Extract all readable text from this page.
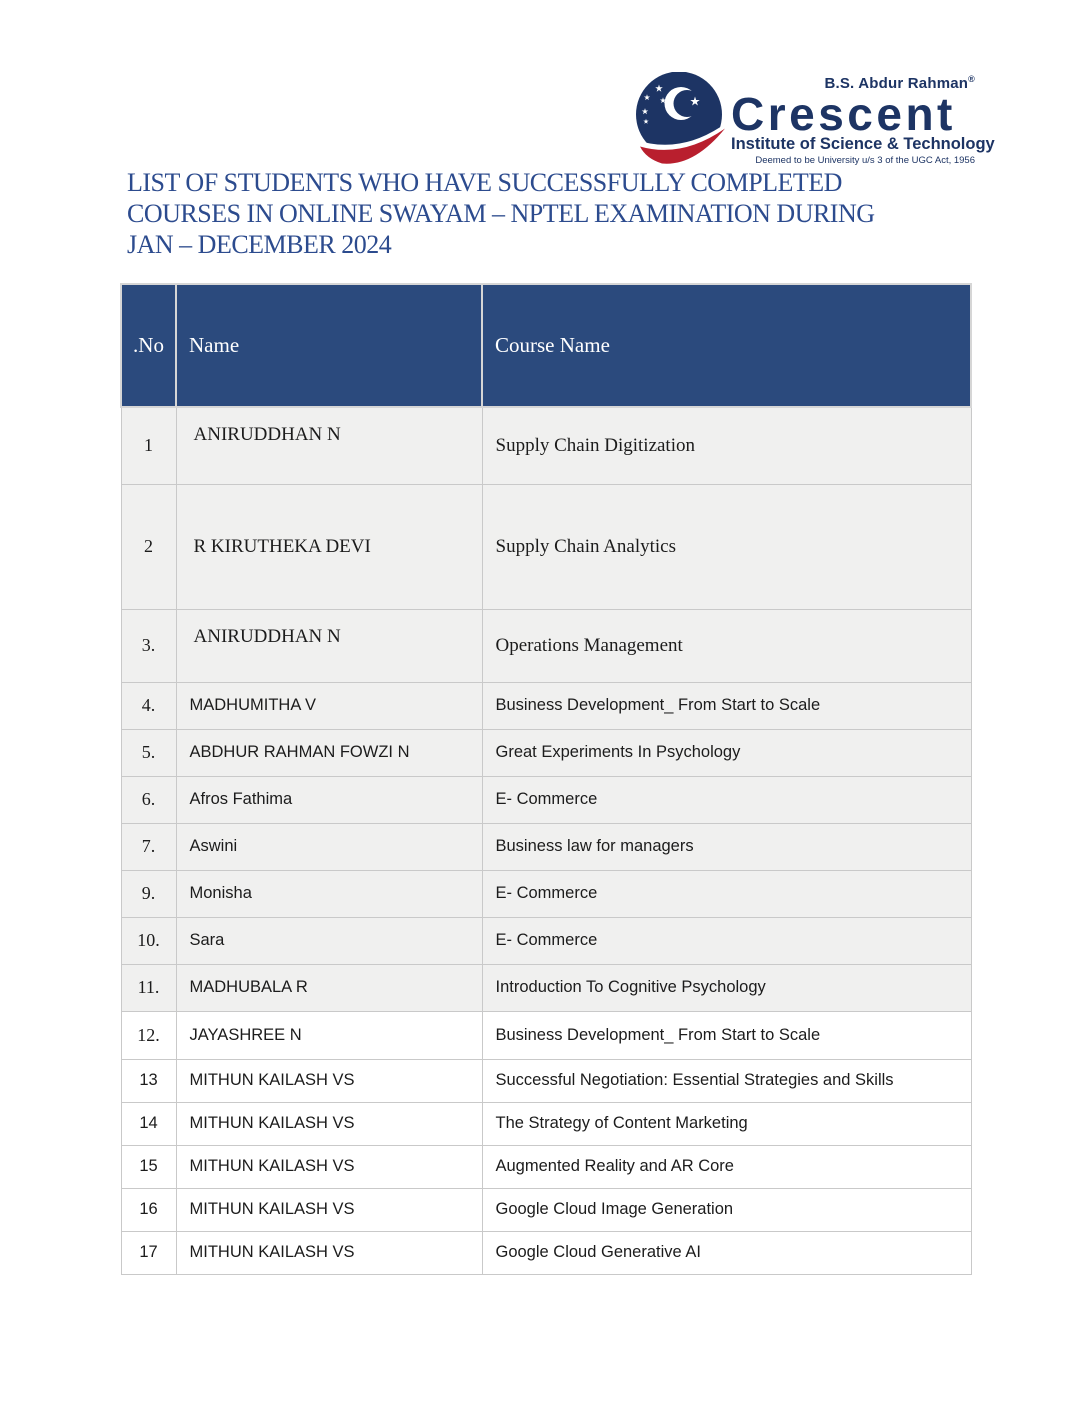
B.S. Abdur Rahman®
Crescent
Institute of Science & Technology
Deemed to be University u/s 3 of the UGC Act, 1956
LIST OF STUDENTS WHO HAVE SUCCESSFULLY COMPLETED
COURSES IN ONLINE SWAYAM – NPTEL EXAMINATION DURING
JAN – DECEMBER 2024
.No	Name	Course Name
1	ANIRUDDHAN N	Supply Chain Digitization
2	R KIRUTHEKA DEVI	Supply Chain Analytics
3.	ANIRUDDHAN N	Operations Management
4.	MADHUMITHA V	Business Development_ From Start to Scale
5.	ABDHUR RAHMAN FOWZI N	Great Experiments In Psychology
6.	Afros Fathima	E- Commerce
7.	Aswini	Business law for managers
9.	Monisha	E- Commerce
10.	Sara	E- Commerce
11.	MADHUBALA R	Introduction To Cognitive Psychology
12.	JAYASHREE N	Business Development_ From Start to Scale
13	MITHUN KAILASH VS	Successful Negotiation: Essential Strategies and Skills
14	MITHUN KAILASH VS	The Strategy of Content Marketing
15	MITHUN KAILASH VS	Augmented Reality and AR Core
16	MITHUN KAILASH VS	Google Cloud Image Generation
17	MITHUN KAILASH VS	Google Cloud Generative AI
